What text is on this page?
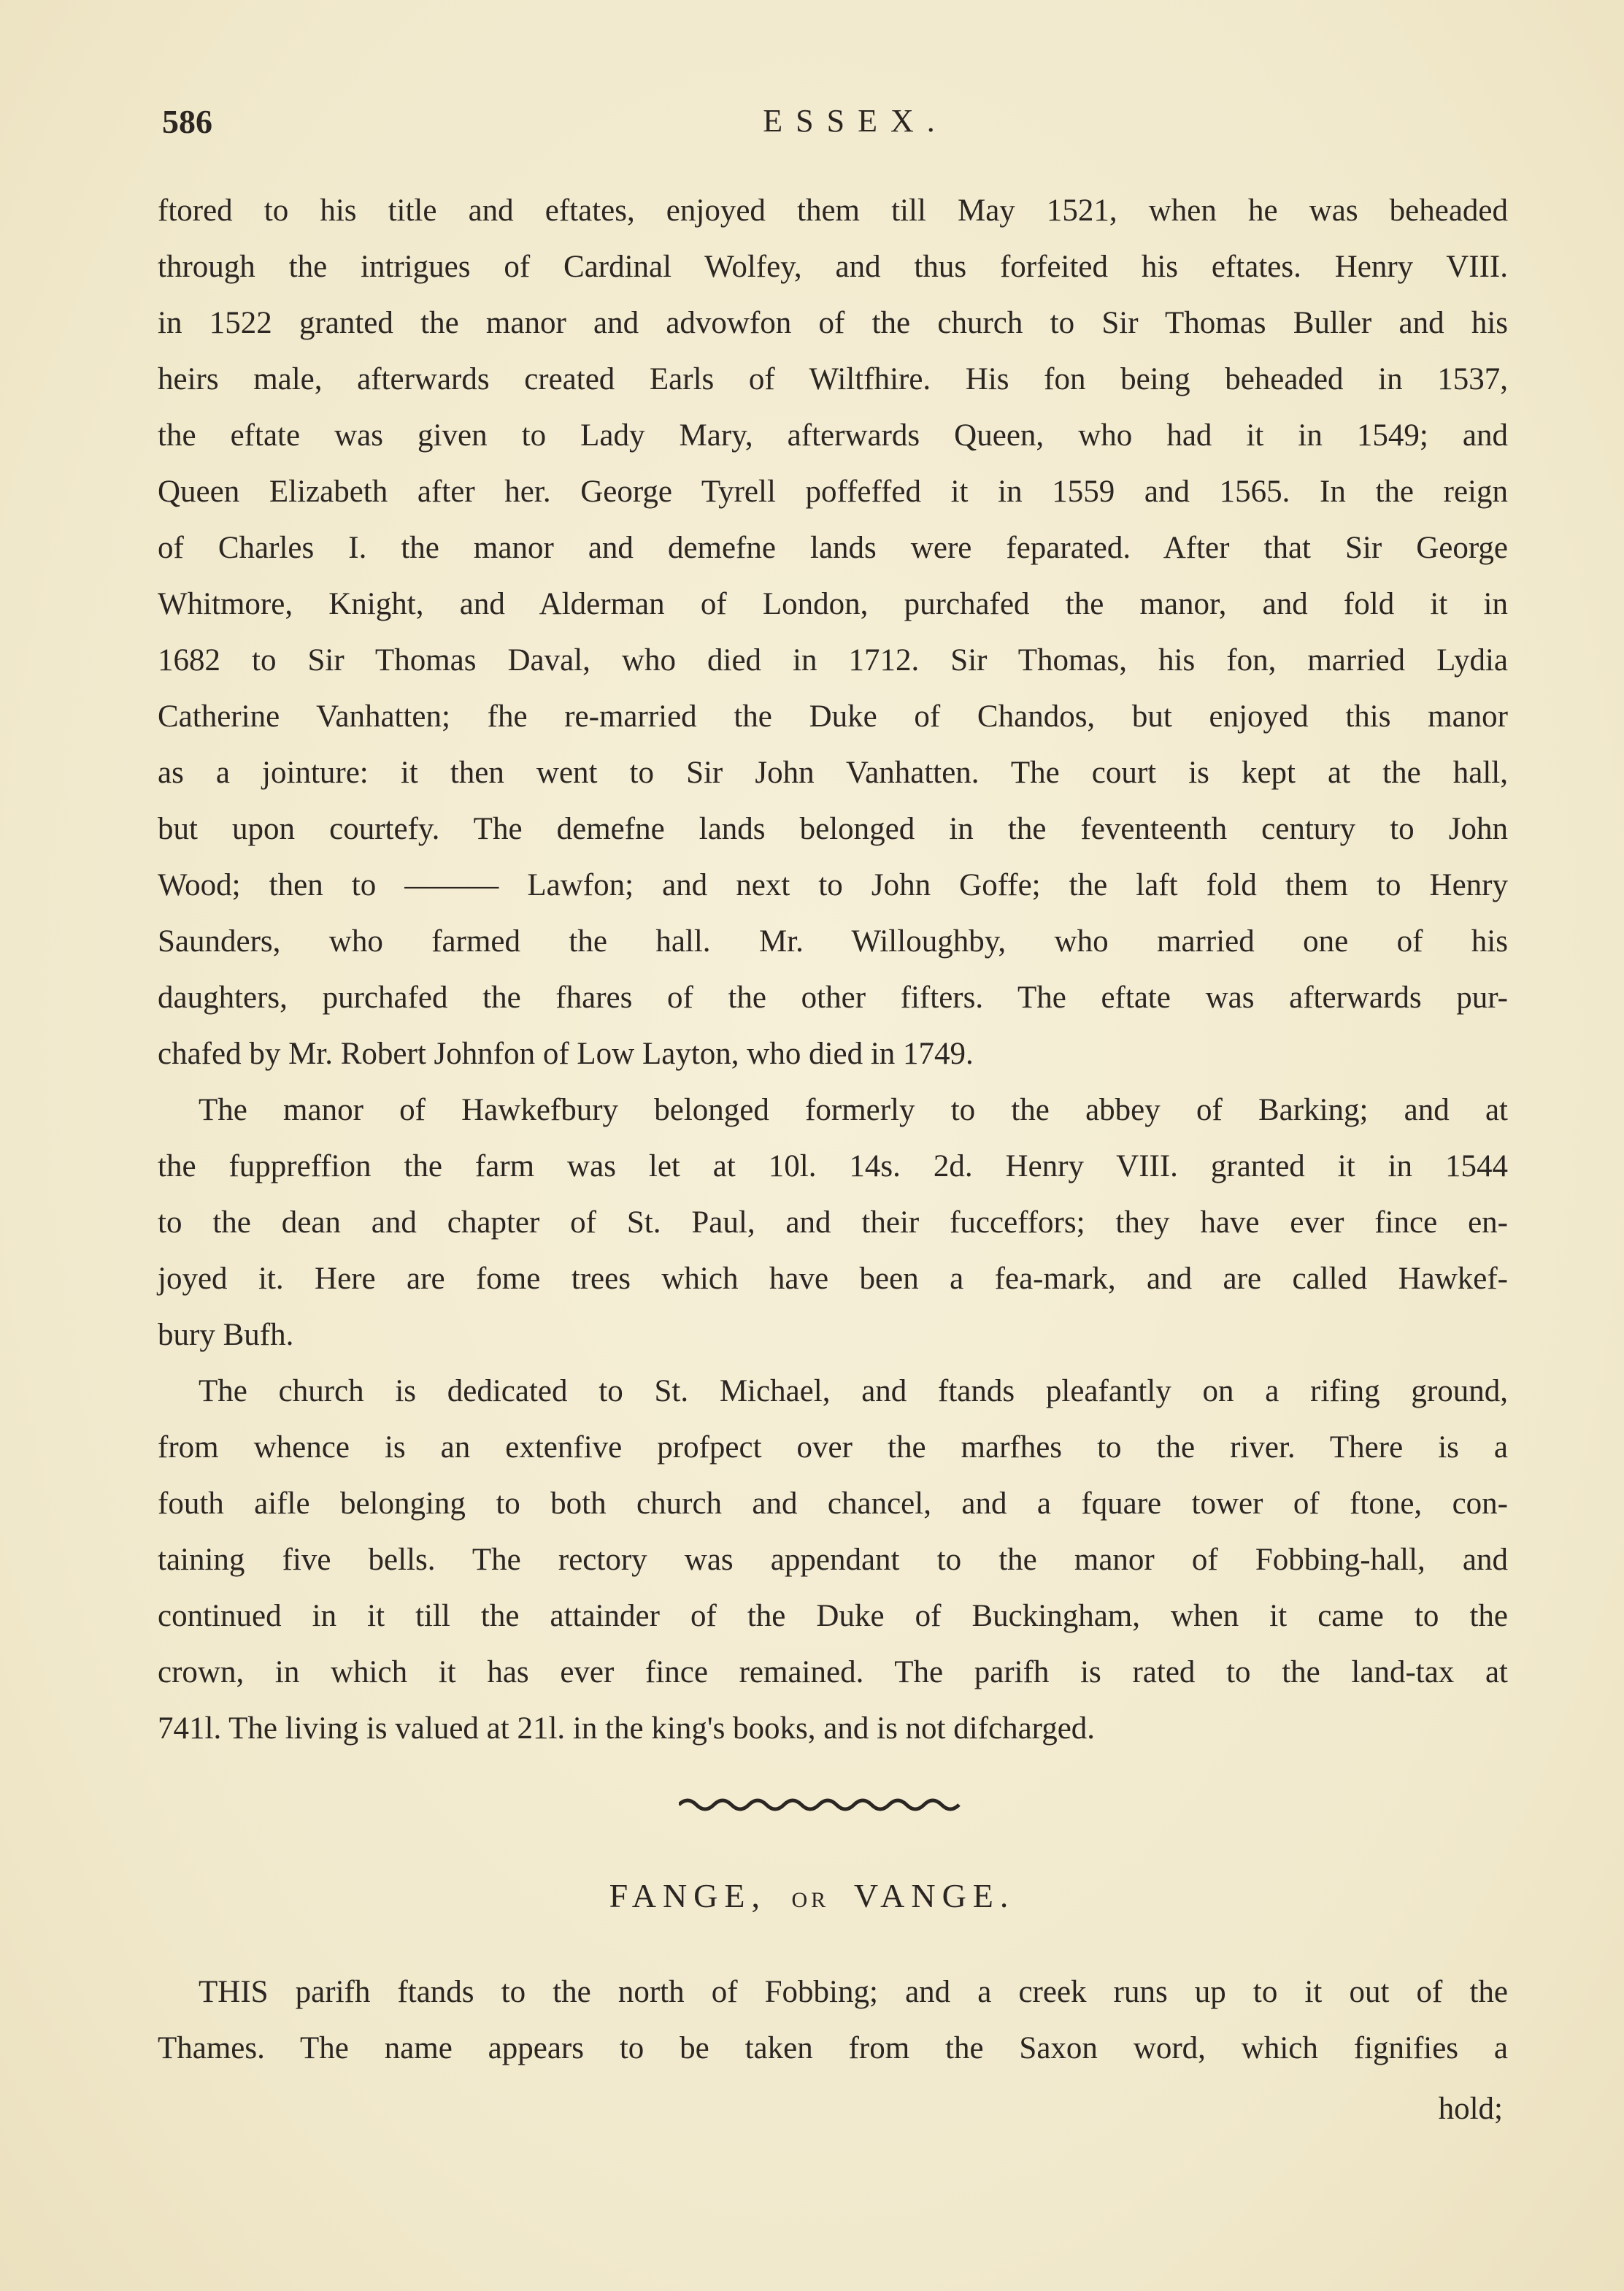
586	ESSEX.
ftored to his title and eftates, enjoyed them till May 1521, when he was beheaded
through the intrigues of Cardinal Wolfey, and thus forfeited his eftates. Henry VIII.
in 1522 granted the manor and advowfon of the church to Sir Thomas Buller and his
heirs male, afterwards created Earls of Wiltfhire. His fon being beheaded in 1537,
the eftate was given to Lady Mary, afterwards Queen, who had it in 1549; and
Queen Elizabeth after her. George Tyrell poffeffed it in 1559 and 1565. In the reign
of Charles I. the manor and demefne lands were feparated. After that Sir George
Whitmore, Knight, and Alderman of London, purchafed the manor, and fold it in
1682 to Sir Thomas Daval, who died in 1712. Sir Thomas, his fon, married Lydia
Catherine Vanhatten; fhe re-married the Duke of Chandos, but enjoyed this manor
as a jointure: it then went to Sir John Vanhatten. The court is kept at the hall,
but upon courtefy. The demefne lands belonged in the feventeenth century to John
Wood; then to ——— Lawfon; and next to John Goffe; the laft fold them to Henry
Saunders, who farmed the hall. Mr. Willoughby, who married one of his
daughters, purchafed the fhares of the other fifters. The eftate was afterwards pur-
chafed by Mr. Robert Johnfon of Low Layton, who died in 1749.
The manor of Hawkefbury belonged formerly to the abbey of Barking; and at
the fuppreffion the farm was let at 10l. 14s. 2d. Henry VIII. granted it in 1544
to the dean and chapter of St. Paul, and their fucceffors; they have ever fince en-
joyed it. Here are fome trees which have been a fea-mark, and are called Hawkef-
bury Bufh.
The church is dedicated to St. Michael, and ftands pleafantly on a rifing ground,
from whence is an extenfive profpect over the marfhes to the river. There is a
fouth aifle belonging to both church and chancel, and a fquare tower of ftone, con-
taining five bells. The rectory was appendant to the manor of Fobbing-hall, and
continued in it till the attainder of the Duke of Buckingham, when it came to the
crown, in which it has ever fince remained. The parifh is rated to the land-tax at
741l. The living is valued at 21l. in the king's books, and is not difcharged.
FANGE, OR VANGE.
THIS parifh ftands to the north of Fobbing; and a creek runs up to it out of the
Thames. The name appears to be taken from the Saxon word, which fignifies a
hold;
